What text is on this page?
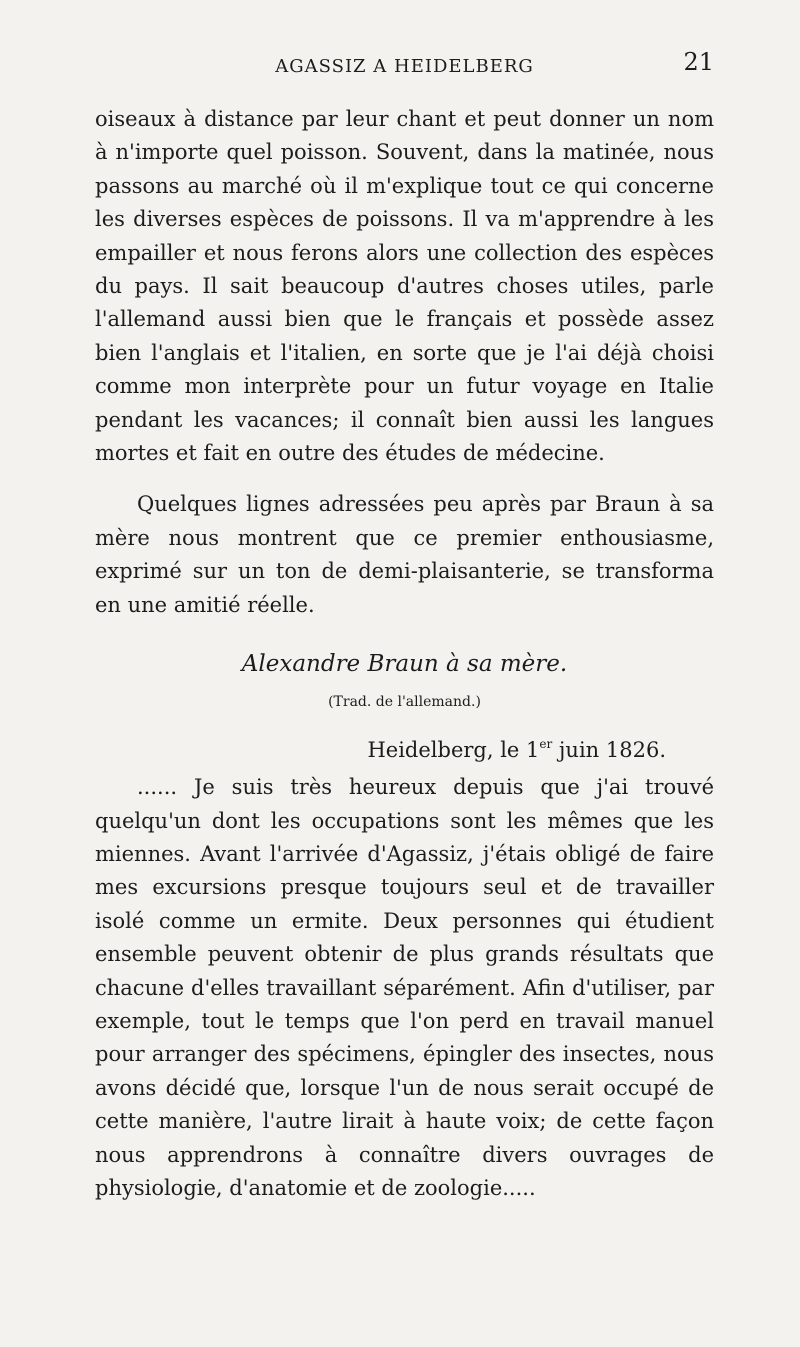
AGASSIZ A HEIDELBERG	21

oiseaux à distance par leur chant et peut donner un nom à n'importe quel poisson. Souvent, dans la matinée, nous passons au marché où il m'explique tout ce qui concerne les diverses espèces de poissons. Il va m'apprendre à les empailler et nous ferons alors une collection des espèces du pays. Il sait beaucoup d'autres choses utiles, parle l'allemand aussi bien que le français et possède assez bien l'anglais et l'italien, en sorte que je l'ai déjà choisi comme mon interprète pour un futur voyage en Italie pendant les vacances; il connaît bien aussi les langues mortes et fait en outre des études de médecine.

Quelques lignes adressées peu après par Braun à sa mère nous montrent que ce premier enthousiasme, exprimé sur un ton de demi-plaisanterie, se transforma en une amitié réelle.

Alexandre Braun à sa mère.

(Trad. de l'allemand.)

Heidelberg, le 1er juin 1826.

...... Je suis très heureux depuis que j'ai trouvé quelqu'un dont les occupations sont les mêmes que les miennes. Avant l'arrivée d'Agassiz, j'étais obligé de faire mes excursions presque toujours seul et de travailler isolé comme un ermite. Deux personnes qui étudient ensemble peuvent obtenir de plus grands résultats que chacune d'elles travaillant séparément. Afin d'utiliser, par exemple, tout le temps que l'on perd en travail manuel pour arranger des spécimens, épingler des insectes, nous avons décidé que, lorsque l'un de nous serait occupé de cette manière, l'autre lirait à haute voix; de cette façon nous apprendrons à connaître divers ouvrages de physiologie, d'anatomie et de zoologie.....
